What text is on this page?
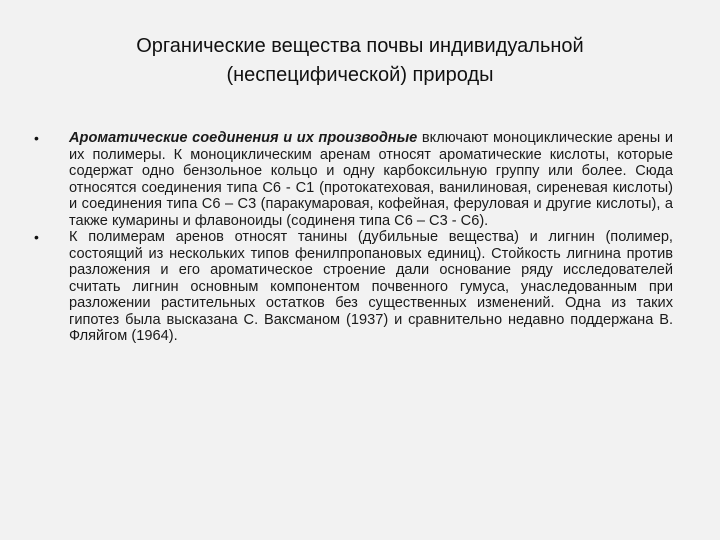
Органические вещества почвы индивидуальной
(неспецифической) природы
• Ароматические соединения и их производные включают моноциклические арены и их полимеры. К моноциклическим аренам относят ароматические кислоты, которые содержат одно бензольное кольцо и одну карбоксильную группу или более. Сюда относятся соединения типа С6 - С1 (протокатеховая, ванилиновая, сиреневая кислоты) и соединения типа С6 – С3 (паракумаровая, кофейная, феруловая и другие кислоты), а также кумарины и флавоноиды (содиненя типа С6 – С3 - С6).
• К полимерам аренов относят танины (дубильные вещества) и лигнин (полимер, состоящий из нескольких типов фенилпропановых единиц). Стойкость лигнина против разложения и его ароматическое строение дали основание ряду исследователей считать лигнин основным компонентом почвенного гумуса, унаследованным при разложении растительных остатков без существенных изменений. Одна из таких гипотез была высказана С. Ваксманом (1937) и сравнительно недавно поддержана В. Фляйгом (1964).
